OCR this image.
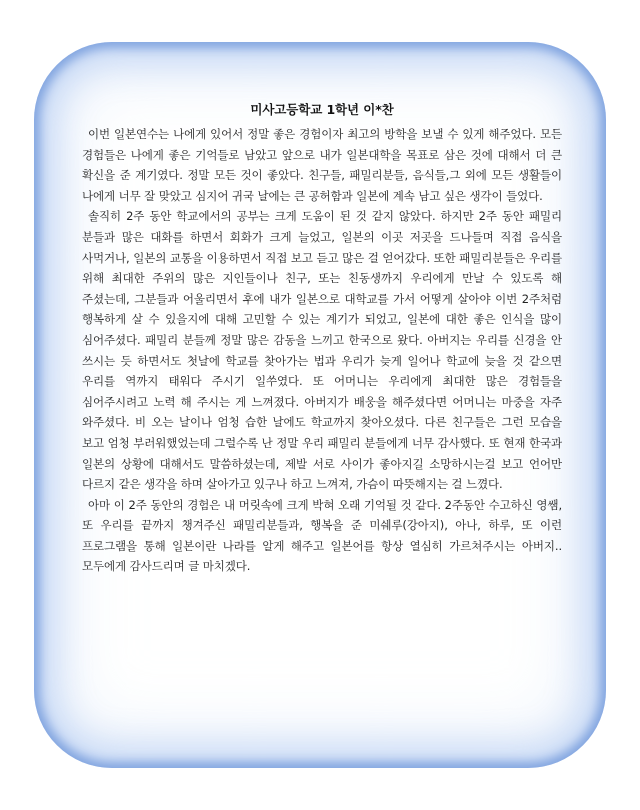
미사고등학교 1학년 이*찬

이번 일본연수는 나에게 있어서 정말 좋은 경험이자 최고의 방학을 보낼 수 있게 해주었다. 모든 경험들은 나에게 좋은 기억들로 남았고 앞으로 내가 일본대학을 목표로 삼은 것에 대해서 더 큰 확신을 준 계기였다. 정말 모든 것이 좋았다. 친구들, 패밀리분들, 음식들,그 외에 모든 생활들이 나에게 너무 잘 맞았고 심지어 귀국 날에는 큰 공허함과 일본에 계속 남고 싶은 생각이 들었다.

솔직히 2주 동안 학교에서의 공부는 크게 도움이 된 것 같지 않았다. 하지만 2주 동안 패밀리 분들과 많은 대화를 하면서 회화가 크게 늘었고, 일본의 이곳 저곳을 드나들며 직접 음식을 사먹거나, 일본의 교통을 이용하면서 직접 보고 듣고 많은 걸 얻어갔다. 또한 패밀리분들은 우리를 위해 최대한 주위의 많은 지인들이나 친구, 또는 친동생까지 우리에게 만날 수 있도록 해 주셨는데, 그분들과 어울리면서 후에 내가 일본으로 대학교를 가서 어떻게 살아야 이번 2주처럼 행복하게 살 수 있을지에 대해 고민할 수 있는 계기가 되었고, 일본에 대한 좋은 인식을 많이 심어주셨다. 패밀리 분들께 정말 많은 감동을 느끼고 한국으로 왔다. 아버지는 우리를 신경을 안 쓰시는 듯 하면서도 첫날에 학교를 찾아가는 법과 우리가 늦게 일어나 학교에 늦을 것 같으면 우리를 역까지 태워다 주시기 일쑤였다. 또 어머니는 우리에게 최대한 많은 경험들을 심어주시려고 노력 해 주시는 게 느껴졌다. 아버지가 배웅을 해주셨다면 어머니는 마중을 자주 와주셨다. 비 오는 날이나 엄청 습한 날에도 학교까지 찾아오셨다. 다른 친구들은 그런 모습을 보고 엄청 부러워했었는데 그럴수록 난 정말 우리 패밀리 분들에게 너무 감사했다. 또 현재 한국과 일본의 상황에 대해서도 말씀하셨는데, 제발 서로 사이가 좋아지길 소망하시는걸 보고 언어만 다르지 같은 생각을 하며 살아가고 있구나 하고 느껴져, 가슴이 따뜻해지는 걸 느꼈다.

아마 이 2주 동안의 경험은 내 머릿속에 크게 박혀 오래 기억될 것 같다. 2주동안 수고하신 영쌤, 또 우리를 끝까지 챙겨주신 패밀리분들과, 행복을 준 미쉐루(강아지), 아나, 하루, 또 이런 프로그램을 통해 일본이란 나라를 알게 해주고 일본어를 항상 열심히 가르쳐주시는 아버지..모두에게 감사드리며 글 마치겠다.
